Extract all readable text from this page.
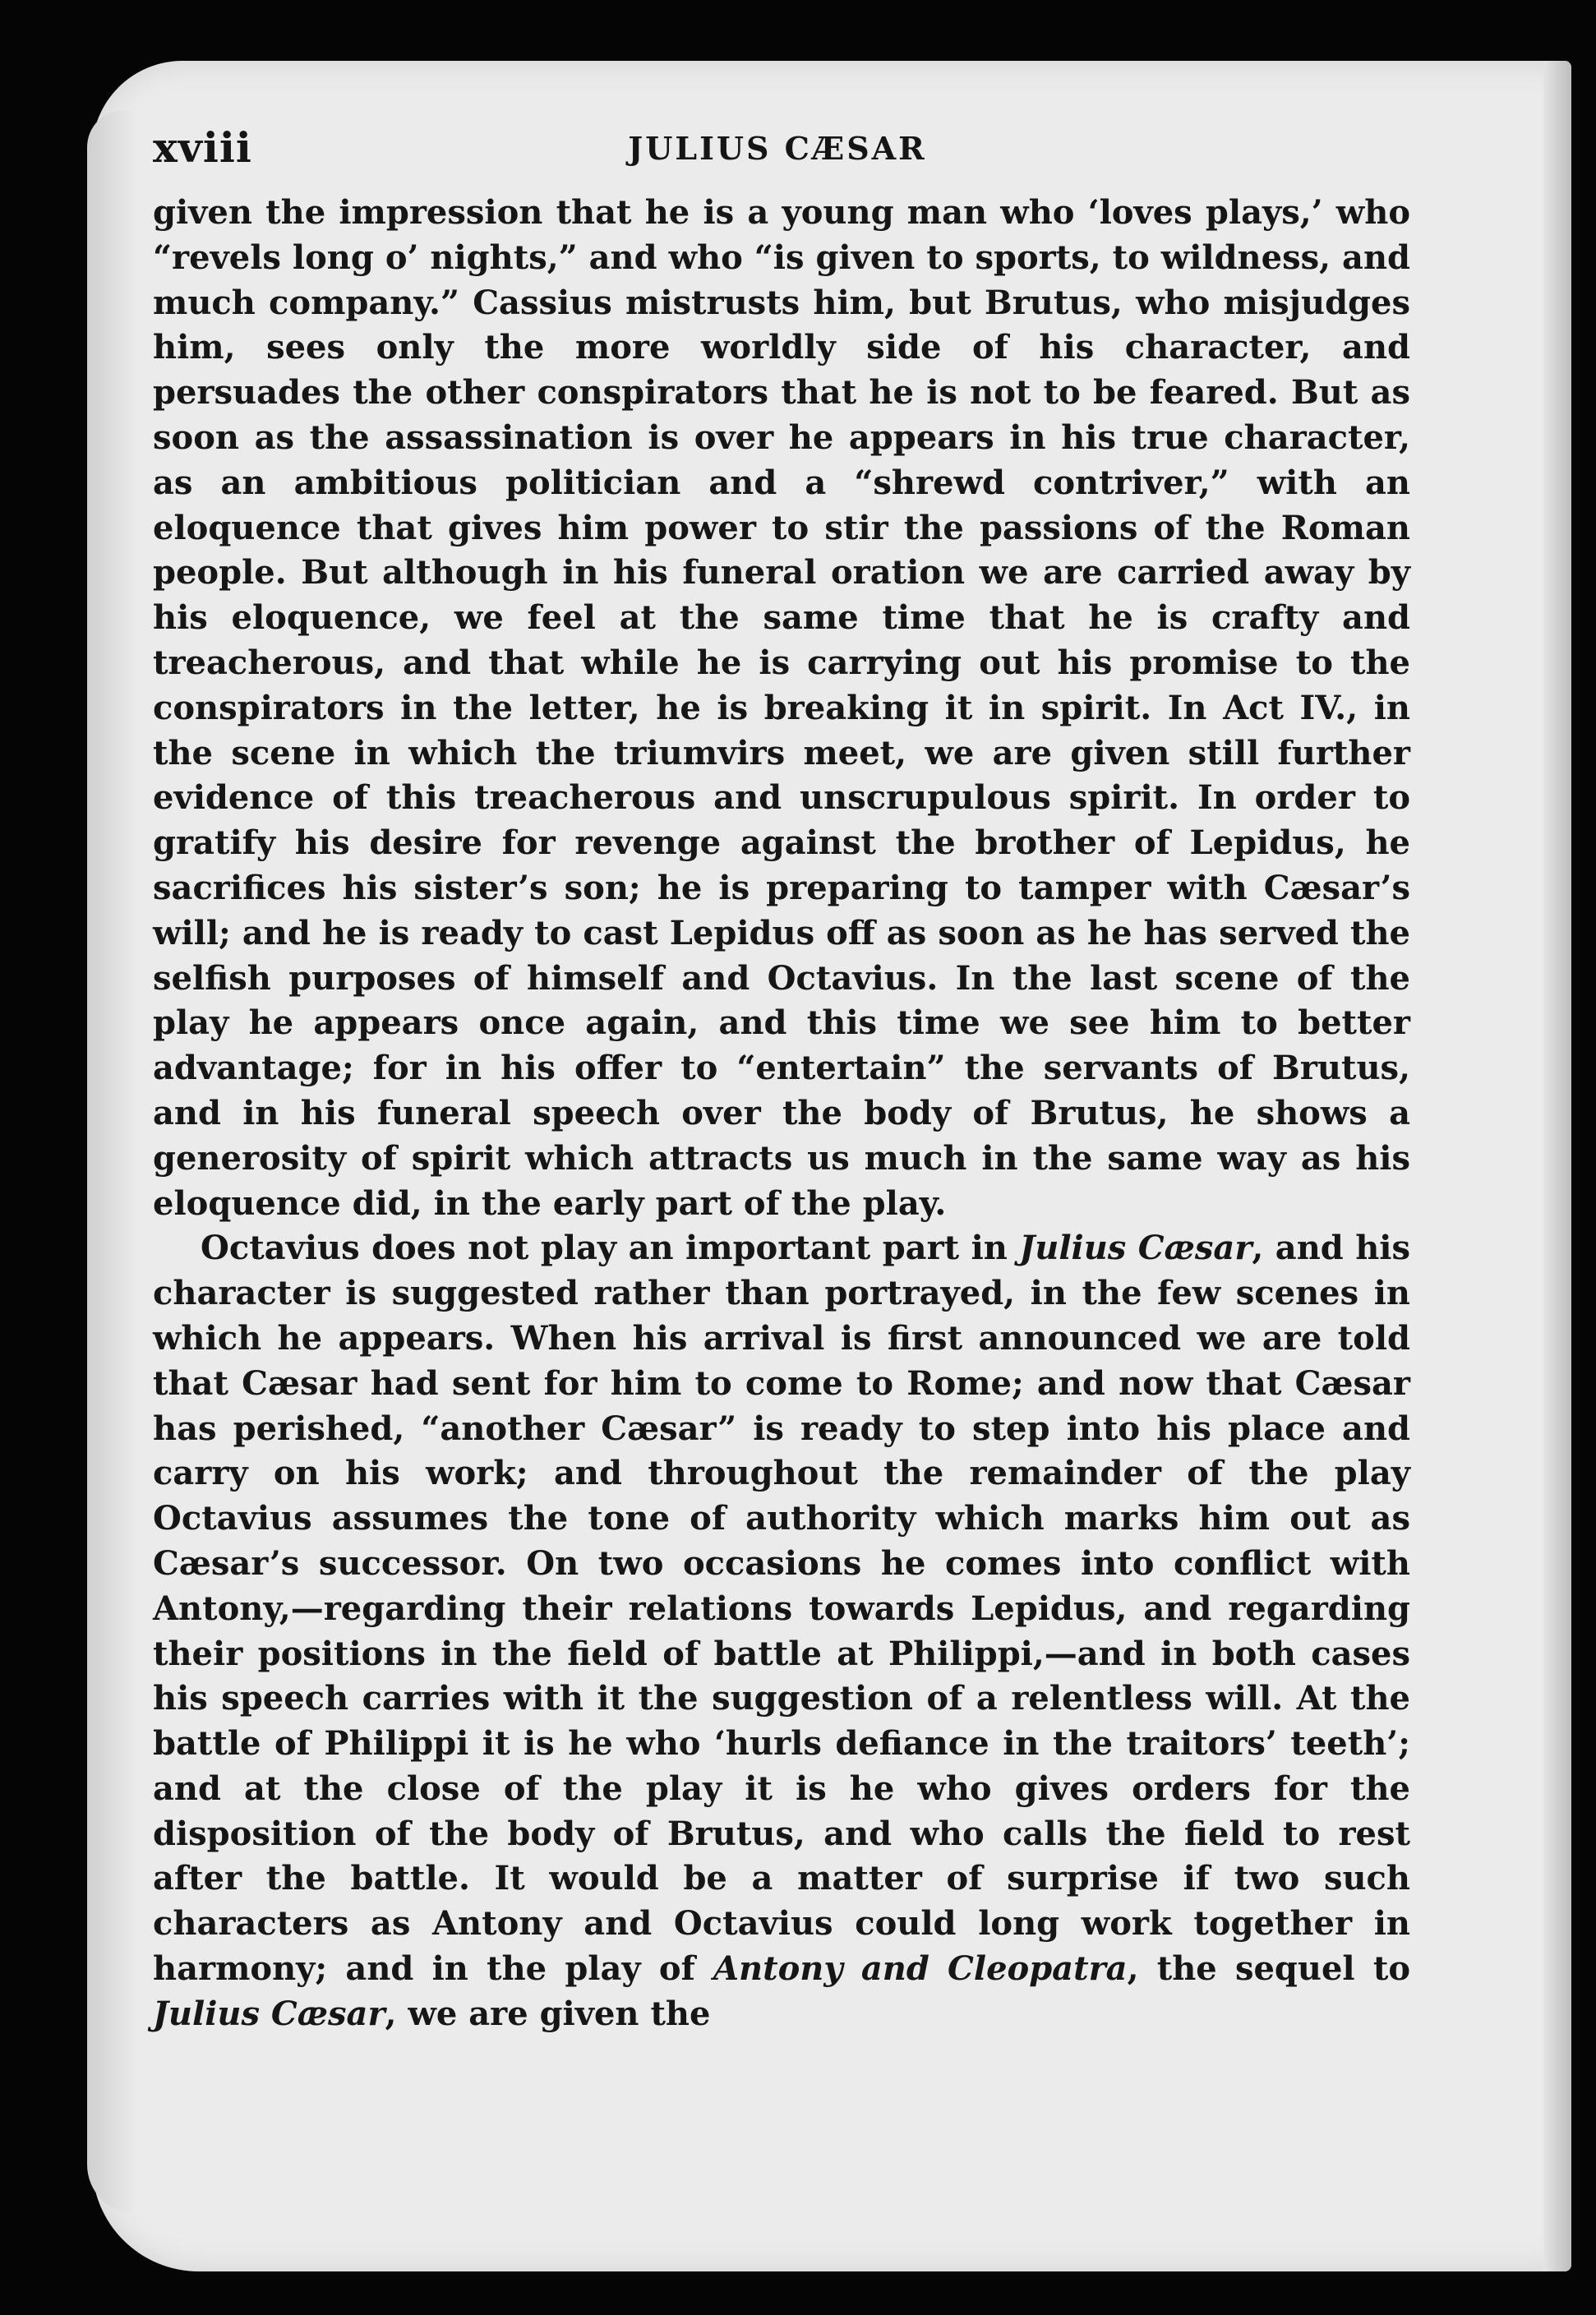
xviii	JULIUS CÆSAR

given the impression that he is a young man who ‘loves plays,’ who “revels long o’ nights,” and who “is given to sports, to wildness, and much company.” Cassius mistrusts him, but Brutus, who misjudges him, sees only the more worldly side of his character, and persuades the other conspirators that he is not to be feared. But as soon as the assassination is over he appears in his true character, as an ambitious politician and a “shrewd contriver,” with an eloquence that gives him power to stir the passions of the Roman people. But although in his funeral oration we are carried away by his eloquence, we feel at the same time that he is crafty and treacherous, and that while he is carrying out his promise to the conspirators in the letter, he is breaking it in spirit. In Act IV., in the scene in which the triumvirs meet, we are given still further evidence of this treacherous and unscrupulous spirit. In order to gratify his desire for revenge against the brother of Lepidus, he sacrifices his sister’s son; he is preparing to tamper with Cæsar’s will; and he is ready to cast Lepidus off as soon as he has served the selfish purposes of himself and Octavius. In the last scene of the play he appears once again, and this time we see him to better advantage; for in his offer to “entertain” the servants of Brutus, and in his funeral speech over the body of Brutus, he shows a generosity of spirit which attracts us much in the same way as his eloquence did, in the early part of the play.

Octavius does not play an important part in Julius Cæsar, and his character is suggested rather than portrayed, in the few scenes in which he appears. When his arrival is first announced we are told that Cæsar had sent for him to come to Rome; and now that Cæsar has perished, “another Cæsar” is ready to step into his place and carry on his work; and throughout the remainder of the play Octavius assumes the tone of authority which marks him out as Cæsar’s successor. On two occasions he comes into conflict with Antony,—regarding their relations towards Lepidus, and regarding their positions in the field of battle at Philippi,—and in both cases his speech carries with it the suggestion of a relentless will. At the battle of Philippi it is he who ‘hurls defiance in the traitors’ teeth’; and at the close of the play it is he who gives orders for the disposition of the body of Brutus, and who calls the field to rest after the battle. It would be a matter of surprise if two such characters as Antony and Octavius could long work together in harmony; and in the play of Antony and Cleopatra, the sequel to Julius Cæsar, we are given the
